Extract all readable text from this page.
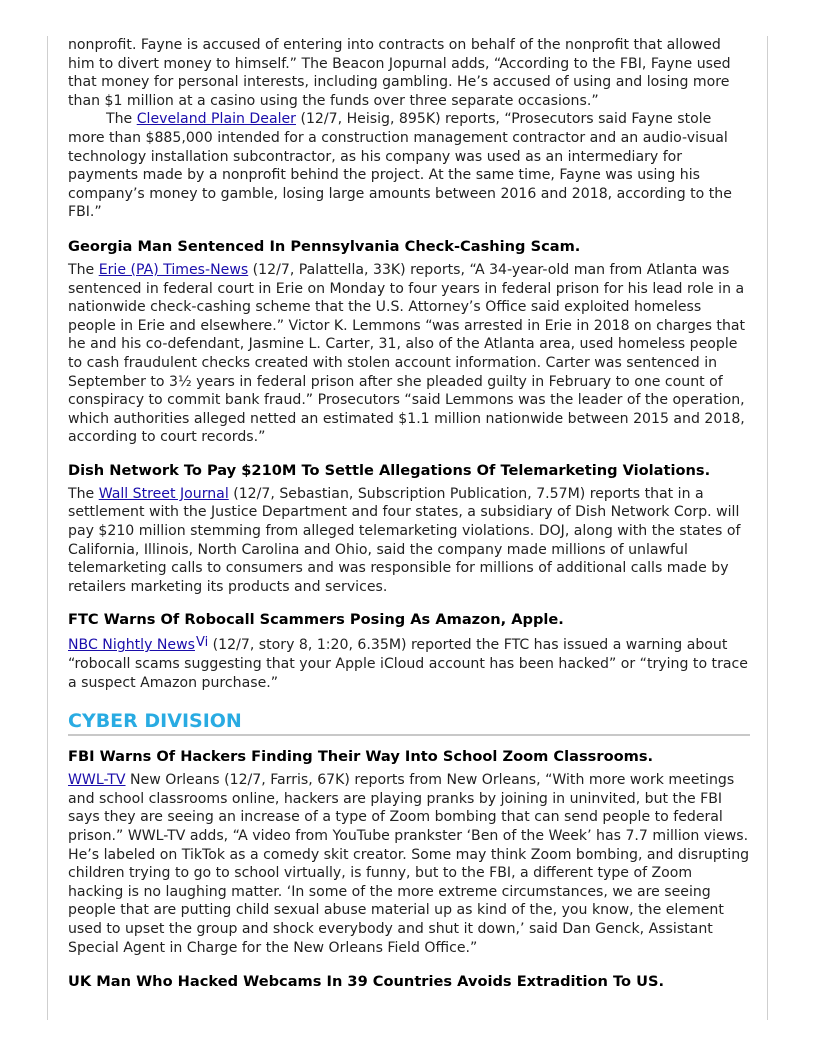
nonprofit. Fayne is accused of entering into contracts on behalf of the nonprofit that allowed him to divert money to himself.” The Beacon Jopurnal adds, “According to the FBI, Fayne used that money for personal interests, including gambling. He’s accused of using and losing more than $1 million at a casino using the funds over three separate occasions.”

The Cleveland Plain Dealer (12/7, Heisig, 895K) reports, “Prosecutors said Fayne stole more than $885,000 intended for a construction management contractor and an audio-visual technology installation subcontractor, as his company was used as an intermediary for payments made by a nonprofit behind the project. At the same time, Fayne was using his company’s money to gamble, losing large amounts between 2016 and 2018, according to the FBI.”

Georgia Man Sentenced In Pennsylvania Check-Cashing Scam.

The Erie (PA) Times-News (12/7, Palattella, 33K) reports, “A 34-year-old man from Atlanta was sentenced in federal court in Erie on Monday to four years in federal prison for his lead role in a nationwide check-cashing scheme that the U.S. Attorney’s Office said exploited homeless people in Erie and elsewhere.” Victor K. Lemmons “was arrested in Erie in 2018 on charges that he and his co-defendant, Jasmine L. Carter, 31, also of the Atlanta area, used homeless people to cash fraudulent checks created with stolen account information. Carter was sentenced in September to 3½ years in federal prison after she pleaded guilty in February to one count of conspiracy to commit bank fraud.” Prosecutors “said Lemmons was the leader of the operation, which authorities alleged netted an estimated $1.1 million nationwide between 2015 and 2018, according to court records.”

Dish Network To Pay $210M To Settle Allegations Of Telemarketing Violations.

The Wall Street Journal (12/7, Sebastian, Subscription Publication, 7.57M) reports that in a settlement with the Justice Department and four states, a subsidiary of Dish Network Corp. will pay $210 million stemming from alleged telemarketing violations. DOJ, along with the states of California, Illinois, North Carolina and Ohio, said the company made millions of unlawful telemarketing calls to consumers and was responsible for millions of additional calls made by retailers marketing its products and services.

FTC Warns Of Robocall Scammers Posing As Amazon, Apple.

NBC Nightly News$^{Vi}$ (12/7, story 8, 1:20, 6.35M) reported the FTC has issued a warning about “robocall scams suggesting that your Apple iCloud account has been hacked” or “trying to trace a suspect Amazon purchase.”

CYBER DIVISION
FBI Warns Of Hackers Finding Their Way Into School Zoom Classrooms.

WWL-TV New Orleans (12/7, Farris, 67K) reports from New Orleans, “With more work meetings and school classrooms online, hackers are playing pranks by joining in uninvited, but the FBI says they are seeing an increase of a type of Zoom bombing that can send people to federal prison.” WWL-TV adds, “A video from YouTube prankster ‘Ben of the Week’ has 7.7 million views. He’s labeled on TikTok as a comedy skit creator. Some may think Zoom bombing, and disrupting children trying to go to school virtually, is funny, but to the FBI, a different type of Zoom hacking is no laughing matter. ‘In some of the more extreme circumstances, we are seeing people that are putting child sexual abuse material up as kind of the, you know, the element used to upset the group and shock everybody and shut it down,’ said Dan Genck, Assistant Special Agent in Charge for the New Orleans Field Office.”

UK Man Who Hacked Webcams In 39 Countries Avoids Extradition To US.
